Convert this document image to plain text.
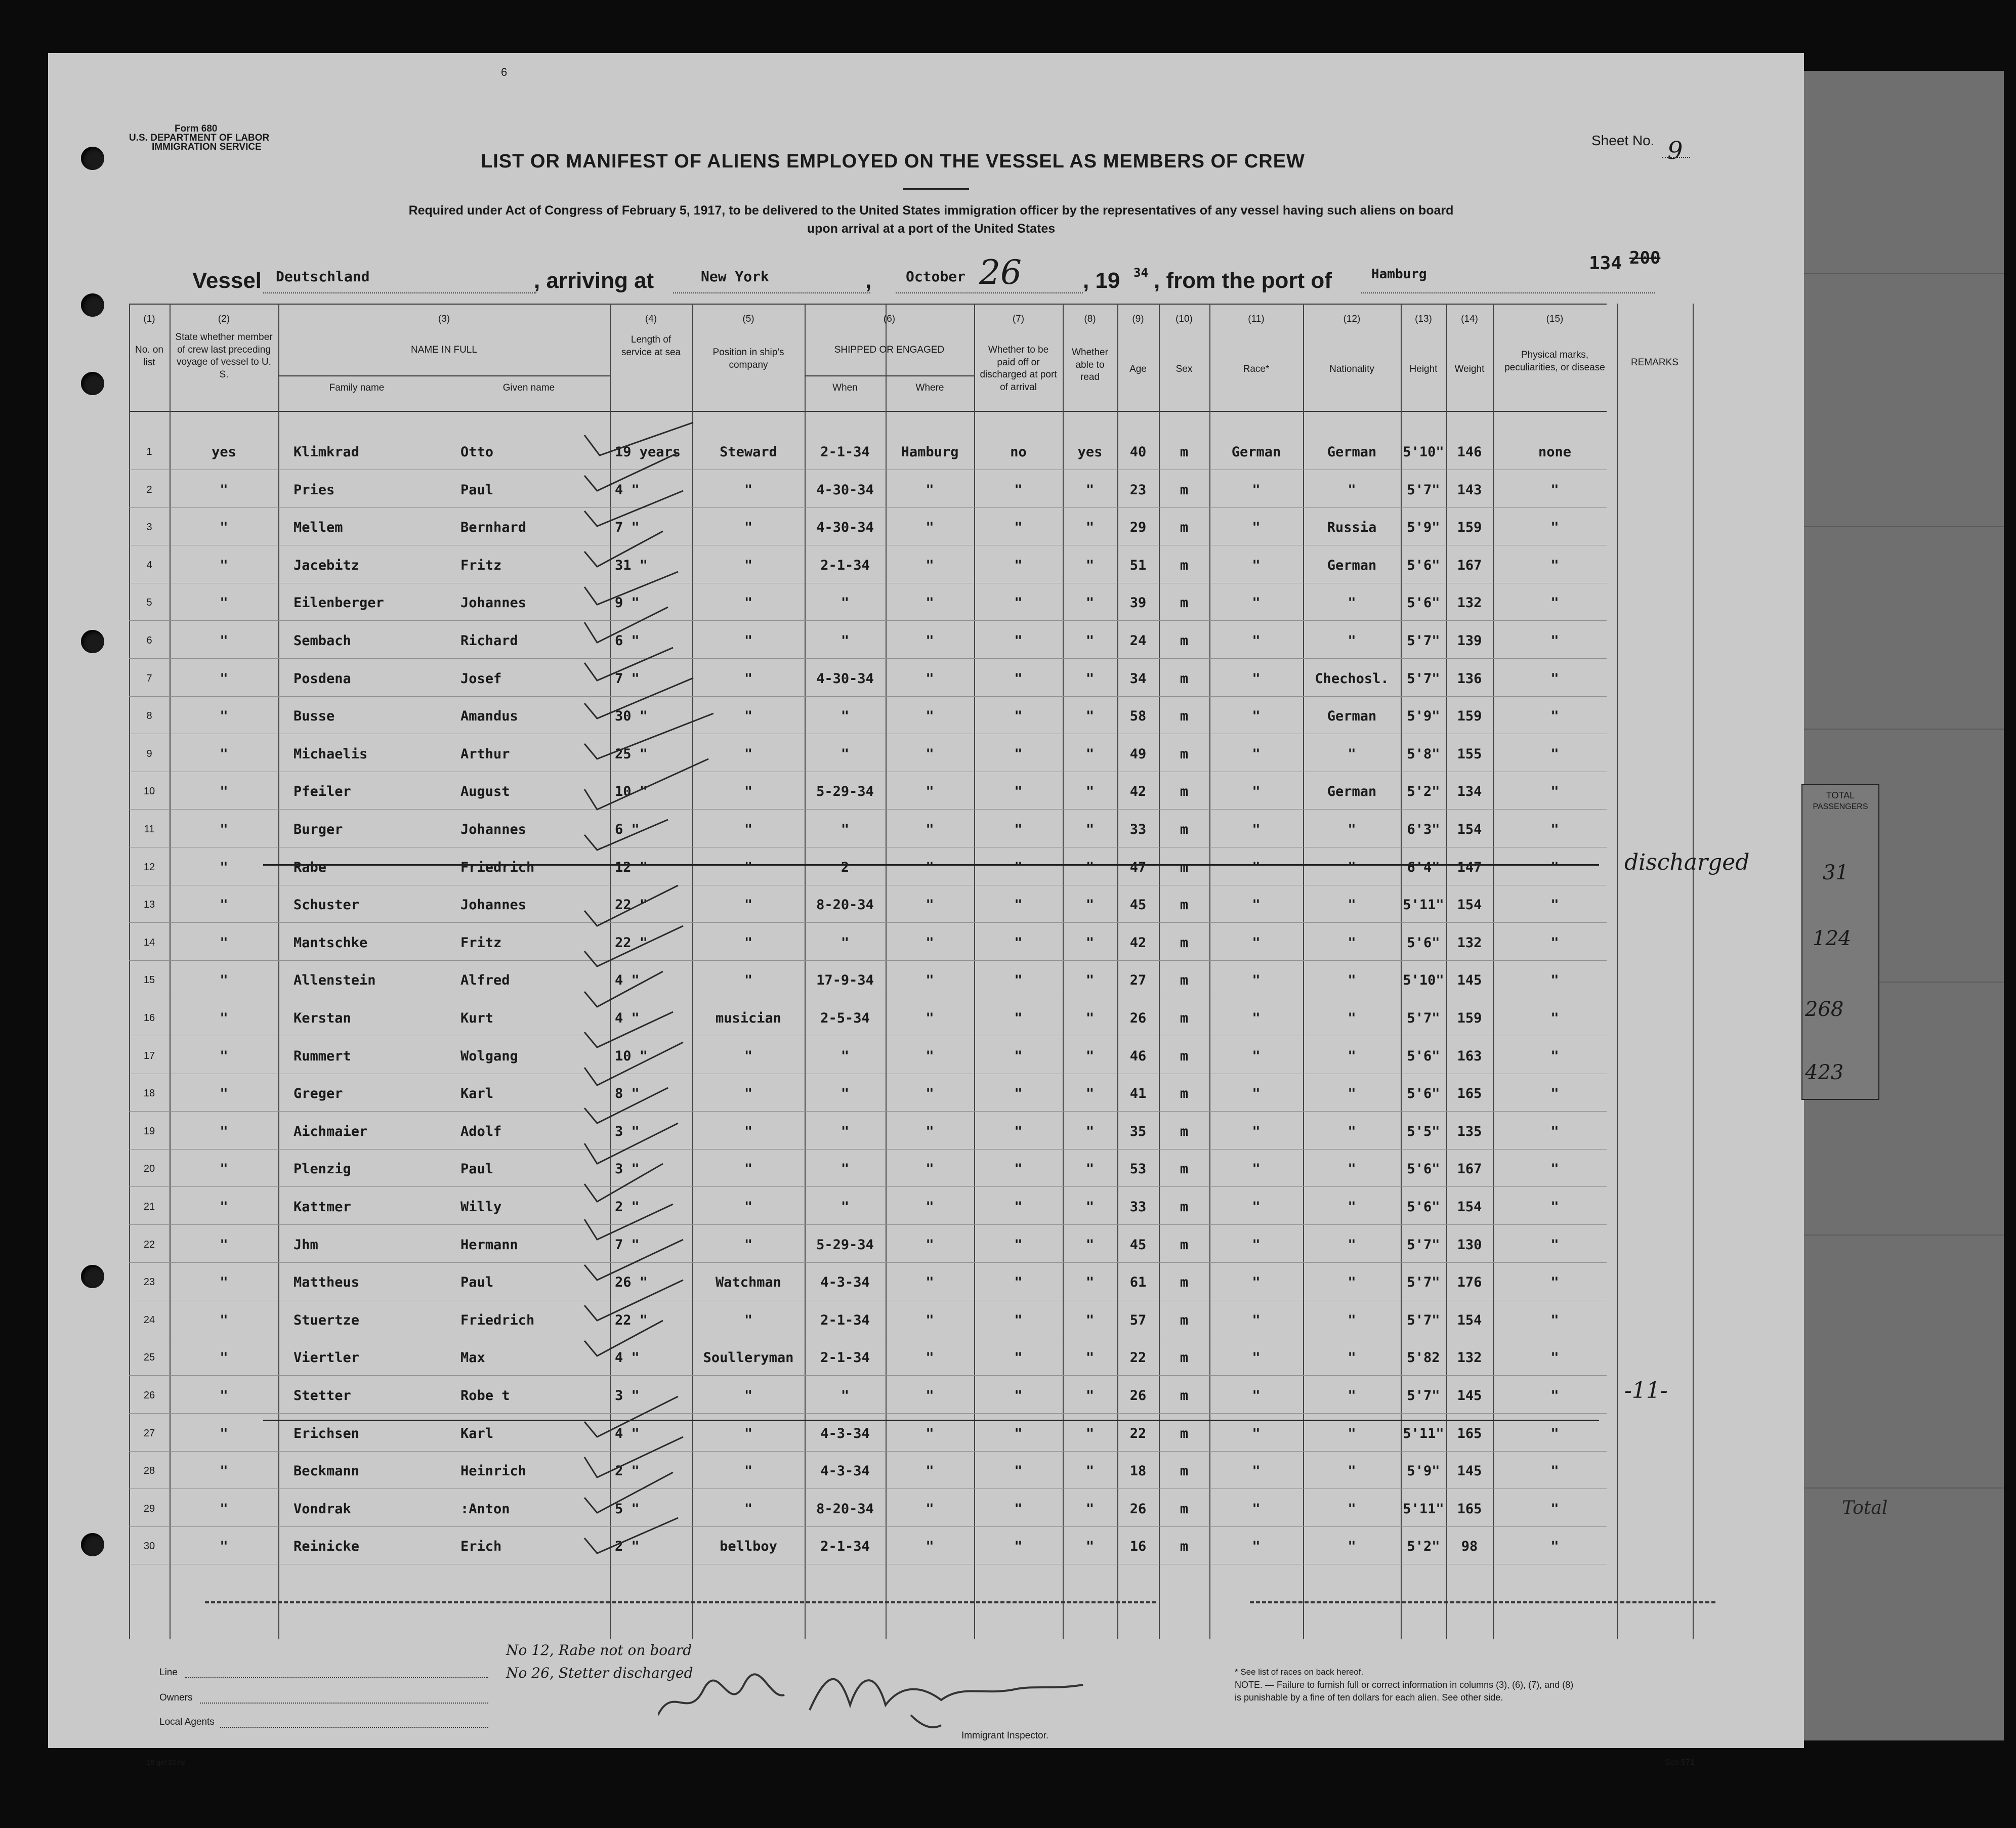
TOTAL
PASSENGERS
31
124
268
423
Total
6
Form 680
U.S. DEPARTMENT OF LABOR
IMMIGRATION SERVICE
LIST OR MANIFEST OF ALIENS EMPLOYED ON THE VESSEL AS MEMBERS OF CREW
Required under Act of Congress of February 5, 1917, to be delivered to the United States immigration officer by the representatives of any vessel having such aliens on board
upon arrival at a port of the United States
Sheet No. 9
134 200
Vessel Deutschland	, arriving at	New York	, October 26	, 19 34 , from the port of	Hamburg
(1)
No. on list
(2)
State whether member of crew last preceding voyage of vessel to U. S.
(3)
NAME IN FULL
Family name	Given name
(4)
Length of service at sea
(5)
Position in ship's company
(6)
SHIPPED OR ENGAGED
When	Where
(7)
Whether to be paid off or discharged at port of arrival
(8)
Whether able to read
(9)
Age
(10)
Sex
(11)
Race*
(12)
Nationality
(13)
Height
(14)
Weight
(15)
Physical marks, peculiarities, or disease	REMARKS
1	yes	Klimkrad	Otto	19 years	Steward	2-1-34	Hamburg	no	yes	40	m	German	German	5'10" 146	none
2	"	Pries	Paul	4 "	"	4-30-34	"	"	"	23	m	"	"	5'7"	143	"
3	"	Mellem	Bernhard	7 "	"	4-30-34	"	"	"	29	m	"	Russia	5'9"	159	"
4	"	Jacebitz	Fritz	31 "	"	2-1-34	"	"	"	51	m	"	German	5'6"	167	"
5	"	Eilenberger	Johannes	9 "	"	"	"	"	"	39	m	"	"	5'6"	132	"
6	"	Sembach	Richard	6 "	"	"	"	"	"	24	m	"	"	5'7"	139	"
7	"	Posdena	Josef	7 "	"	4-30-34	"	"	"	34	m	"	Chechosl.	5'7"	136	"
8	"	Busse	Amandus	30 "	"	"	"	"	"	58	m	"	German	5'9"	159	"
9	"	Michaelis	Arthur	25 "	"	"	"	"	"	49	m	"	"	5'8"	155	"
10	"	Pfeiler	August	10 "	"	5-29-34	"	"	"	42	m	"	German	5'2"	134	"
11	"	Burger	Johannes	6 "	"	"	"	"	"	33	m	"	"	6'3"	154	"
12	"	Rabe	Friedrich	12 "	"	2	"	"	"	47	m	"	"	6'4"	147	"	discharged
13	"	Schuster	Johannes	22 "	"	8-20-34	"	"	"	45	m	"	"	5'11" 154	"
14	"	Mantschke	Fritz	22 "	"	"	"	"	"	42	m	"	"	5'6"	132	"
15	"	Allenstein	Alfred	4 "	"	17-9-34	"	"	"	27	m	"	"	5'10" 145	"
16	"	Kerstan	Kurt	4 "	musician	2-5-34	"	"	"	26	m	"	"	5'7"	159	"
17	"	Rummert	Wolgang	10 "	"	"	"	"	"	46	m	"	"	5'6"	163	"
18	"	Greger	Karl	8 "	"	"	"	"	"	41	m	"	"	5'6"	165	"
19	"	Aichmaier	Adolf	3 "	"	"	"	"	"	35	m	"	"	5'5"	135	"
20	"	Plenzig	Paul	3 "	"	"	"	"	"	53	m	"	"	5'6"	167	"
21	"	Kattmer	Willy	2 "	"	"	"	"	"	33	m	"	"	5'6"	154	"
22	"	Jhm	Hermann	7 "	"	5-29-34	"	"	"	45	m	"	"	5'7"	130	"
23	"	Mattheus	Paul	26 "	Watchman	4-3-34	"	"	"	61	m	"	"	5'7"	176	"
24	"	Stuertze	Friedrich	22 "	"	2-1-34	"	"	"	57	m	"	"	5'7"	154	"
25	"	Viertler	Max	4 "	Soulleryman	2-1-34	"	"	"	22	m	"	"	5'82	132	"
26	"	Stetter	Robe t	3 "	"	"	"	"	"	26	m	"	"	5'7"	145	"	-11-
27	"	Erichsen	Karl	4 "	"	4-3-34	"	"	"	22	m	"	"	5'11" 165	"
28	"	Beckmann	Heinrich	2 "	"	4-3-34	"	"	"	18	m	"	"	5'9"	145	"
29	"	Vondrak	:Anton	5 "	"	8-20-34	"	"	"	26	m	"	"	5'11" 165	"
30	"	Reinicke	Erich	2 "	bellboy	2-1-34	"	"	"	16	m	"	"	5'2"	98	"
Line
Owners
Local Agents
No 12, Rabe not on board
No 26, Stetter discharged
Immigrant Inspector.
* See list of races on back hereof.
NOTE. — Failure to furnish full or correct information in columns (3), (6), (7), and (8)
is punishable by a fine of ten dollars for each alien. See other side.
18 gel 33 nd	Sch 571
